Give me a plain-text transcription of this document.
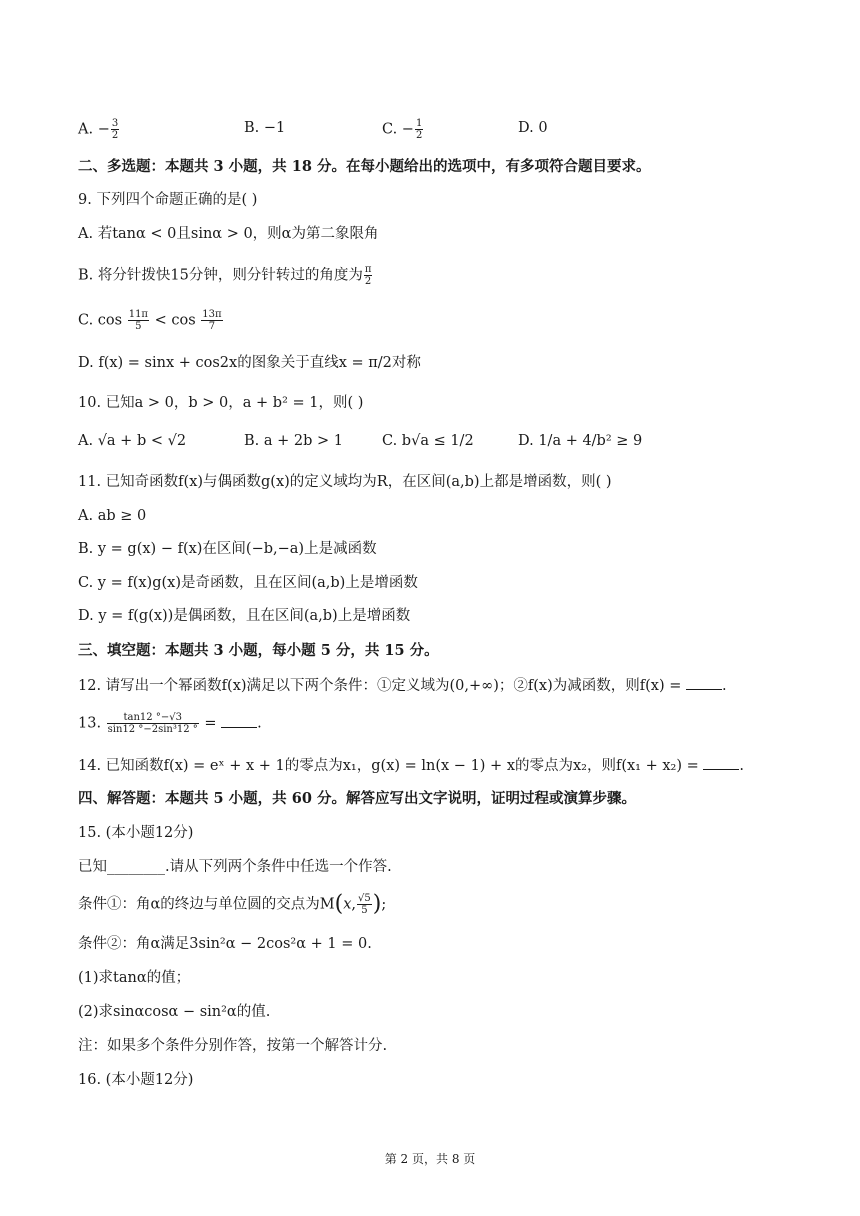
A. − $\frac{3}{2}$	B. −1	C. − $\frac{1}{2}$	D. 0
二、多选题：本题共 3 小题，共 18 分。在每小题给出的选项中，有多项符合题目要求。
9. 下列四个命题正确的是( )
A. 若tanα < 0且sinα > 0，则α为第二象限角
B. 将分针拨快15分钟，则分针转过的角度为 $\frac{\pi}{2}$
C. $\cos \frac{11\pi}{5} < \cos \frac{13\pi}{7}$
D. f(x) = sinx + cos2x的图象关于直线x = π/2对称
10. 已知a > 0，b > 0，a + b² = 1，则( )
A. √a + b < √2	B. a + 2b > 1	C. b√a ≤ 1/2	D. 1/a + 4/b² ≥ 9
11. 已知奇函数f(x)与偶函数g(x)的定义域均为R，在区间(a,b)上都是增函数，则( )
A. ab ≥ 0
B. y = g(x) − f(x)在区间(−b,−a)上是减函数
C. y = f(x)g(x)是奇函数，且在区间(a,b)上是增函数
D. y = f(g(x))是偶函数，且在区间(a,b)上是增函数
三、填空题：本题共 3 小题，每小题 5 分，共 15 分。
12. 请写出一个幂函数f(x)满足以下两个条件：①定义域为(0,+∞)；②f(x)为减函数，则f(x) = .
13. $\frac{\tan 12 ^\circ-√3}{\text{sin12 °−2sin³12 °}}$ = .
14. 已知函数f(x) = eˣ + x + 1的零点为x₁，g(x) = ln(x − 1) + x的零点为x₂，则f(x₁ + x₂) = .
四、解答题：本题共 5 小题，共 60 分。解答应写出文字说明，证明过程或演算步骤。
15. (本小题12分)
已知________.请从下列两个条件中任选一个作答.
条件①：角α的终边与单位圆的交点为M(x, $\frac{√5}{5}$ );
条件②：角α满足3sin²α − 2cos²α + 1 = 0.
(1)求tanα的值；
(2)求sinαcosα − sin²α的值.
注：如果多个条件分别作答，按第一个解答计分.
16. (本小题12分)
第 2 页，共 8 页
